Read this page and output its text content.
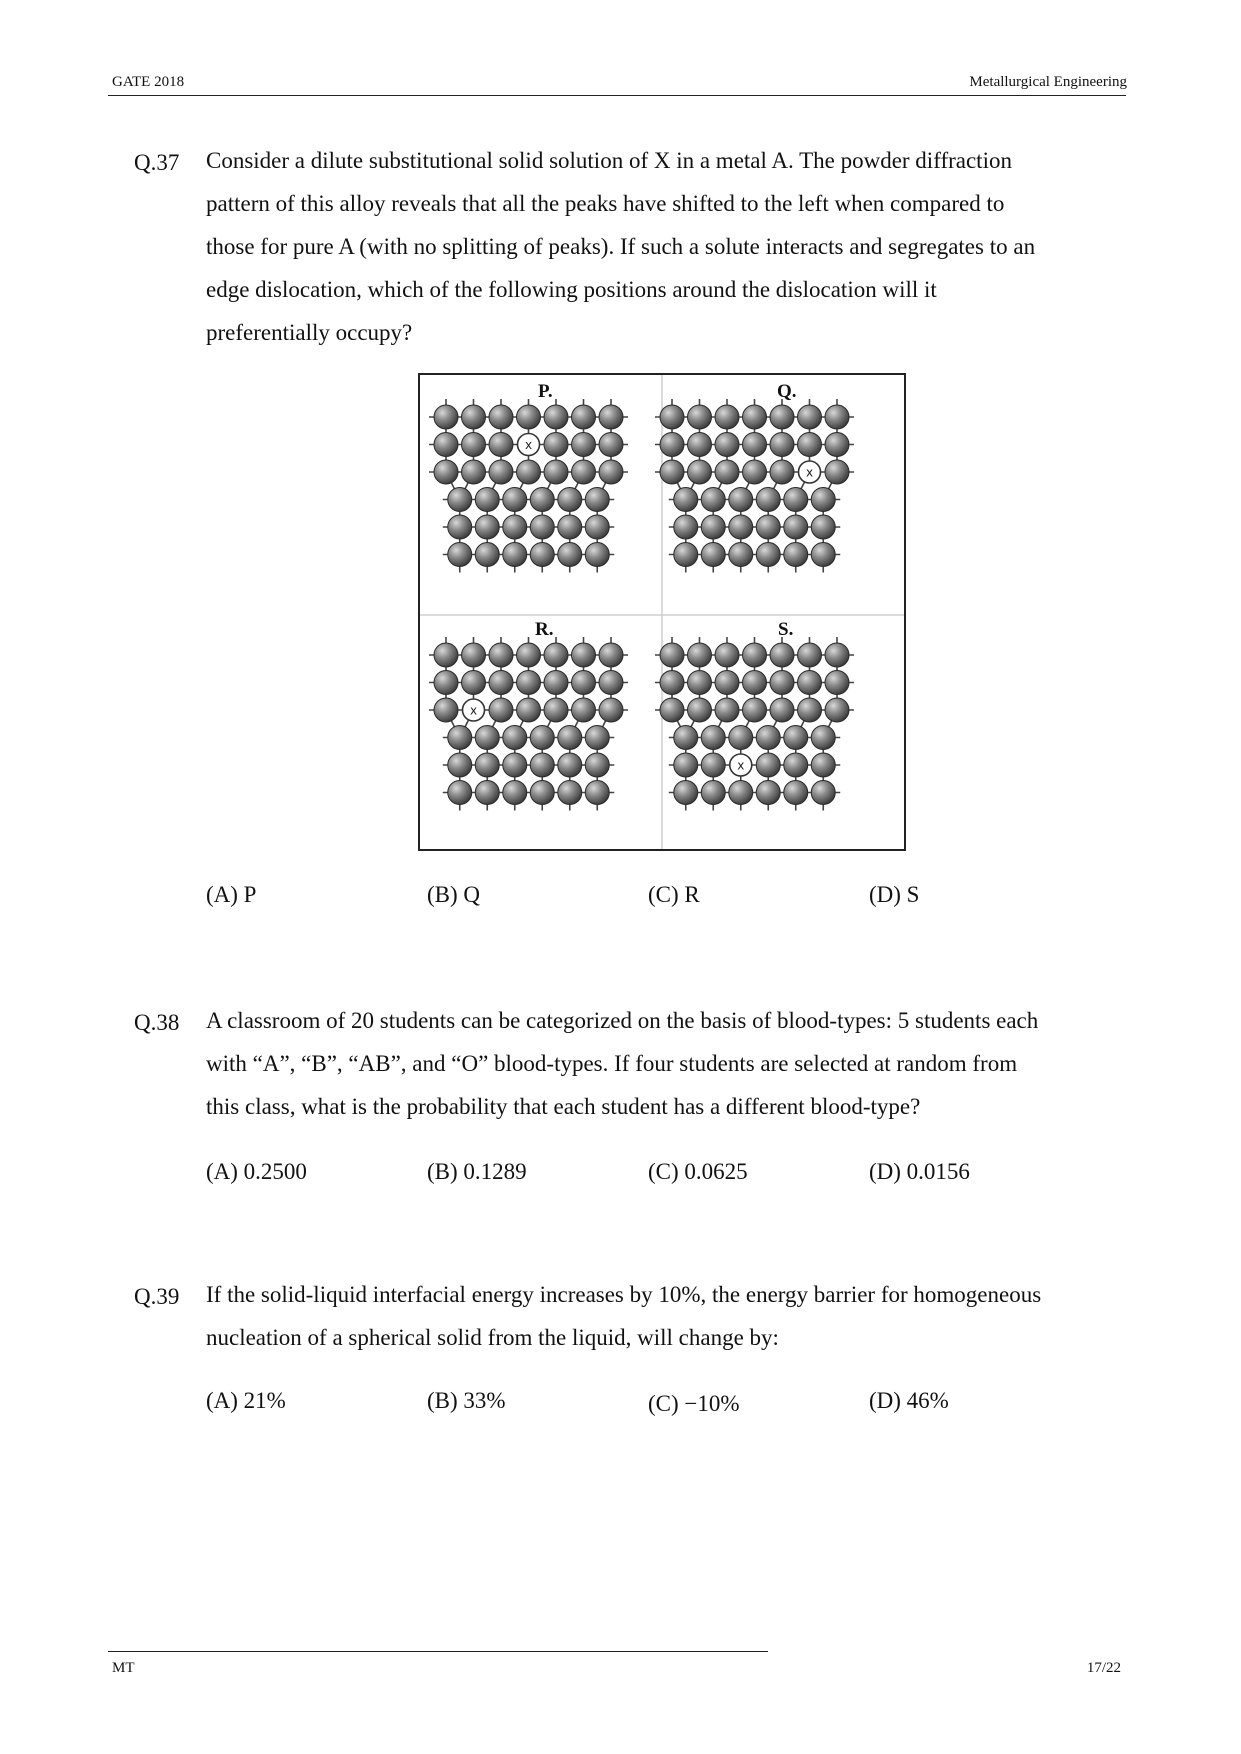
GATE 2018	Metallurgical Engineering
Q.37 Consider a dilute substitutional solid solution of X in a metal A. The powder diffraction
pattern of this alloy reveals that all the peaks have shifted to the left when compared to
those for pure A (with no splitting of peaks). If such a solute interacts and segregates to an
edge dislocation, which of the following positions around the dislocation will it
preferentially occupy?
x
x
x
x
P.	Q.
R.	S.
(A) P	(B) Q	(C) R	(D) S
Q.38 A classroom of 20 students can be categorized on the basis of blood-types: 5 students each
with “A”, “B”, “AB”, and “O” blood-types. If four students are selected at random from
this class, what is the probability that each student has a different blood-type?
(A) 0.2500	(B) 0.1289	(C) 0.0625	(D) 0.0156
Q.39 If the solid-liquid interfacial energy increases by 10%, the energy barrier for homogeneous
nucleation of a spherical solid from the liquid, will change by:
(A) 21%	(B) 33%	(C) −10%	(D) 46%
MT	17/22
